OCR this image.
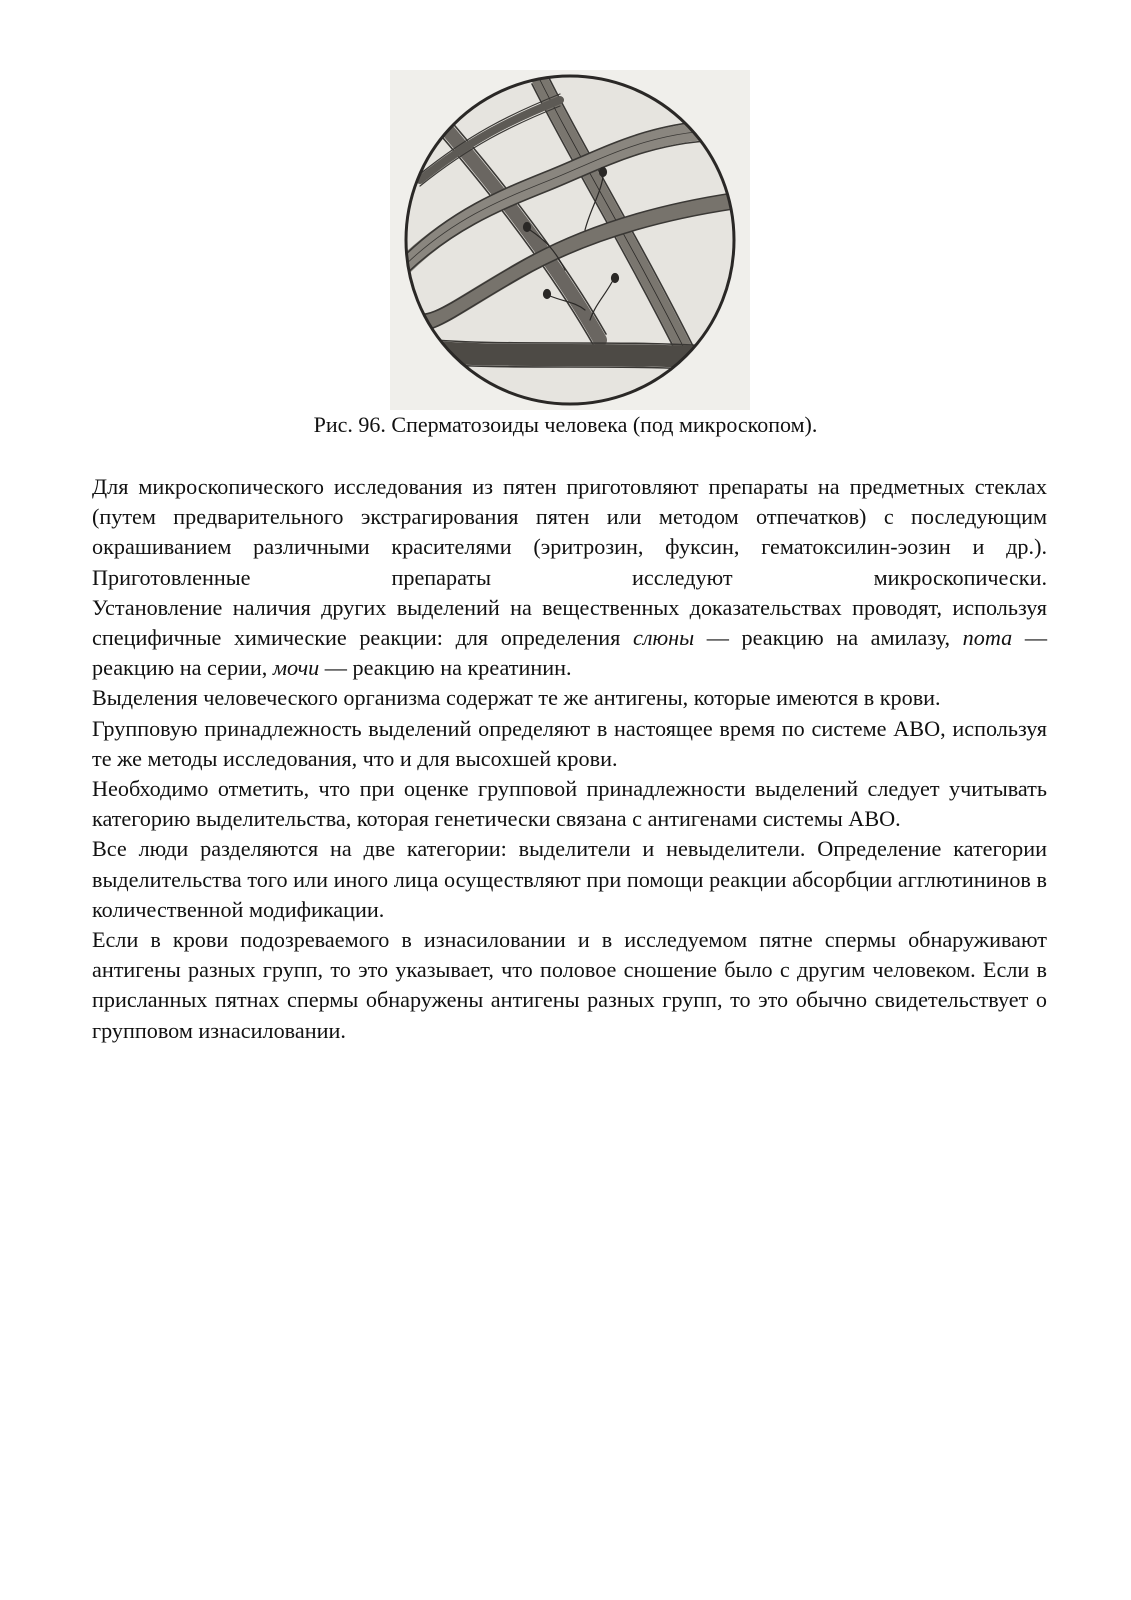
Рис. 96. Сперматозоиды человека (под микроскопом).

Для микроскопического исследования из пятен приготовляют препараты на предметных стеклах (путем предварительного экстрагирования пятен или методом отпечатков) с последующим окрашиванием различными красителями (эритрозин, фуксин, гематоксилин-эозин и др.). Приготовленные препараты исследуют микроскопически.

Установление наличия других выделений на вещественных доказательствах проводят, используя специфичные химические реакции: для определения слюны — реакцию на амилазу, пота — реакцию на серии, мочи — реакцию на креатинин.

Выделения человеческого организма содержат те же антигены, которые имеются в крови.

Групповую принадлежность выделений определяют в настоящее время по системе АВО, используя те же методы исследования, что и для высохшей крови.

Необходимо отметить, что при оценке групповой принадлежности выделений следует учитывать категорию выделительства, которая генетически связана с антигенами системы АВО.

Все люди разделяются на две категории: выделители и невыделители. Определение категории выделительства того или иного лица осуществляют при помощи реакции абсорбции агглютининов в количественной модификации.

Если в крови подозреваемого в изнасиловании и в исследуемом пятне спермы обнаруживают антигены разных групп, то это указывает, что половое сношение было с другим человеком. Если в присланных пятнах спермы обнаружены антигены разных групп, то это обычно свидетельствует о групповом изнасиловании.
